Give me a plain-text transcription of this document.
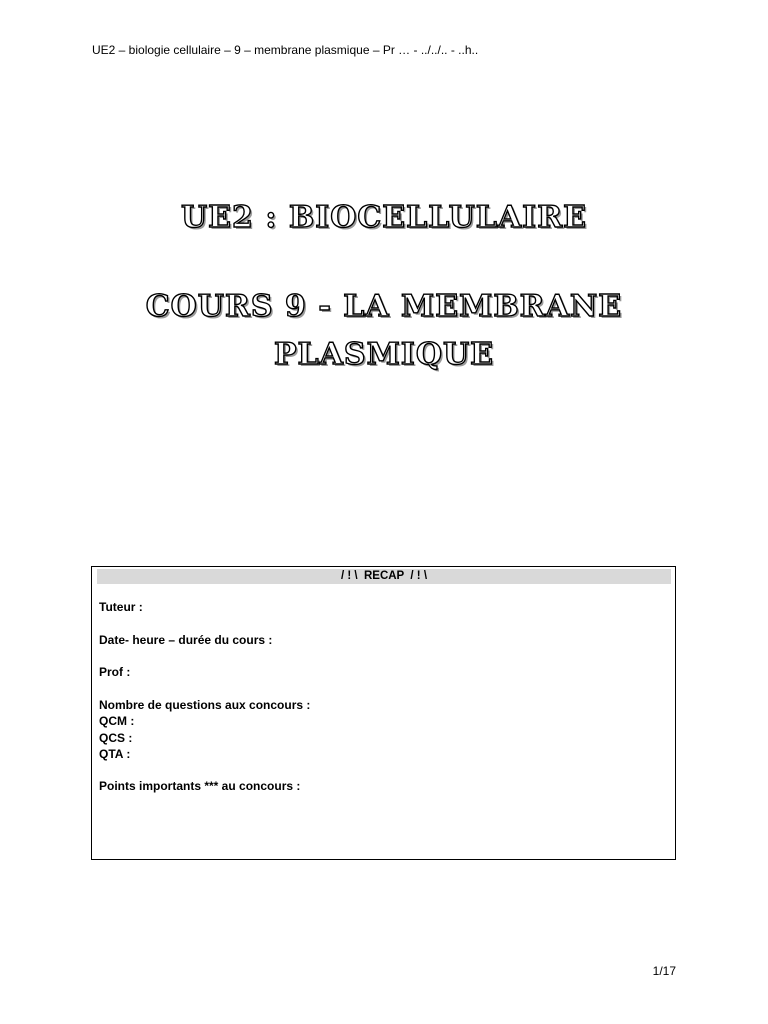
UE2 – biologie cellulaire – 9 – membrane plasmique – Pr … - ../../.. - ..h..
UE2 : BIOCELLULAIRE
COURS 9 - LA MEMBRANE
PLASMIQUE
/ ! \  RECAP  / ! \
Tuteur :
Date- heure – durée du cours :
Prof :
Nombre de questions aux concours :
QCM :
QCS :
QTA :
Points importants *** au concours :
1/17
